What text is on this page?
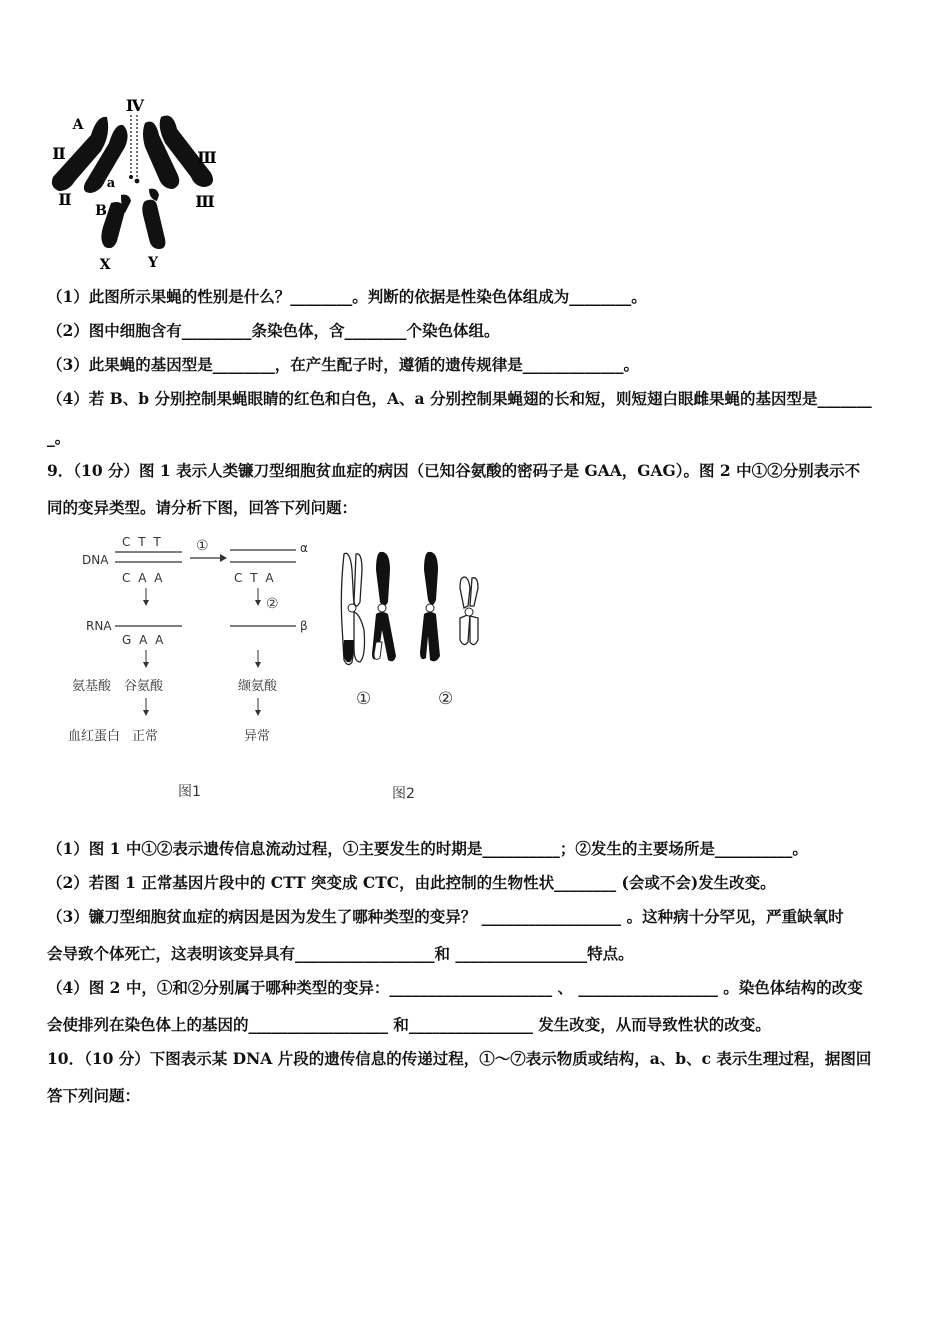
Ⅳ
Ⅱ	Ⅲ
Ⅱ	Ⅲ
A
a
B
X	Y
（1）此图所示果蝇的性别是什么？________。判断的依据是性染色体组成为________。
（2）图中细胞含有_________条染色体，含________个染色体组。
（3）此果蝇的基因型是________，在产生配子时，遵循的遗传规律是_____________。
（4）若 B、b 分别控制果蝇眼睛的红色和白色，A、a 分别控制果蝇翅的长和短，则短翅白眼雌果蝇的基因型是_______
_。
9．（10 分）图 1 表示人类镰刀型细胞贫血症的病因（已知谷氨酸的密码子是 GAA，GAG）。图 2 中①②分别表示不
同的变异类型。请分析下图，回答下列问题：
DNA
C T T
C A A
①	α
C T A
②
RNA
G A A
β
氨基酸 谷氨酸	缬氨酸
血红蛋白 正常	异常
图1
①	②
图2
（1）图 1 中①②表示遗传信息流动过程，①主要发生的时期是__________；②发生的主要场所是__________。
（2）若图 1 正常基因片段中的 CTT 突变成 CTC，由此控制的生物性状________ (会或不会)发生改变。
（3）镰刀型细胞贫血症的病因是因为发生了哪种类型的变异？ __________________ 。这种病十分罕见，严重缺氧时
会导致个体死亡，这表明该变异具有__________________和 _________________特点。
（4）图 2 中，①和②分别属于哪种类型的变异：_____________________ 、 __________________ 。染色体结构的改变
会使排列在染色体上的基因的__________________ 和________________ 发生改变，从而导致性状的改变。
10．（10 分）下图表示某 DNA 片段的遗传信息的传递过程，①～⑦表示物质或结构，a、b、c 表示生理过程，据图回
答下列问题：
